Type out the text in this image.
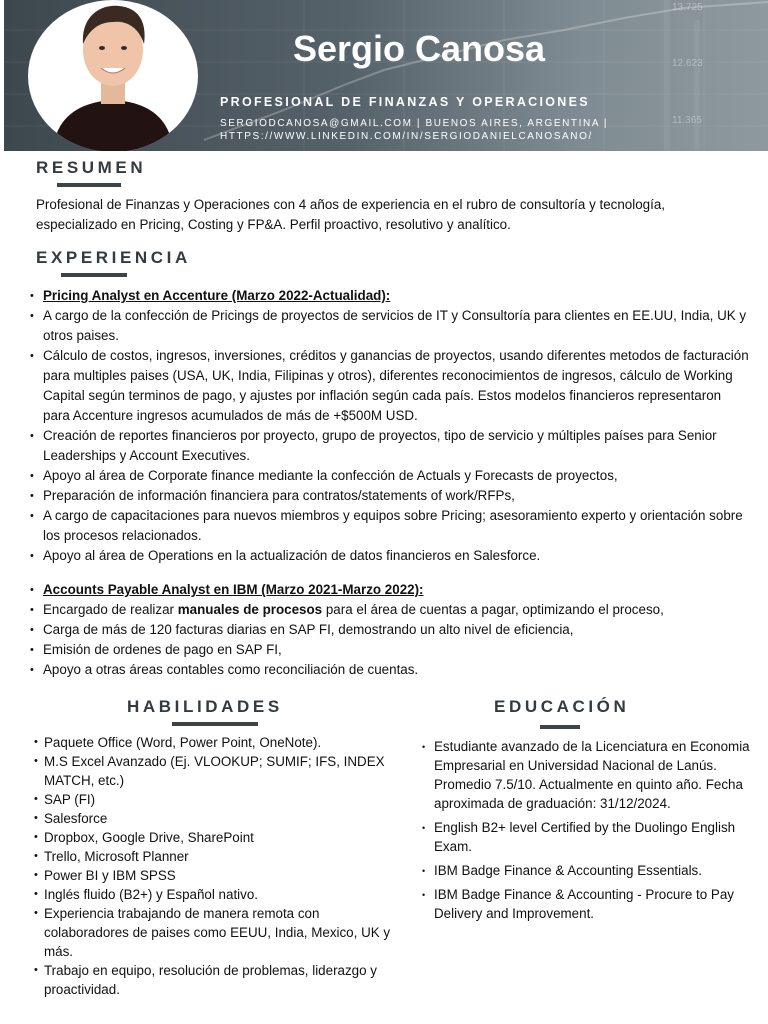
13.725
12.623
11.365
Sergio Canosa
PROFESIONAL DE FINANZAS Y OPERACIONES
SERGIODCANOSA@GMAIL.COM | BUENOS AIRES, ARGENTINA |
HTTPS://WWW.LINKEDIN.COM/IN/SERGIODANIELCANOSANO/
RESUMEN
Profesional de Finanzas y Operaciones con 4 años de experiencia en el rubro de consultoría y tecnología, especializado en Pricing, Costing y FP&A. Perfil proactivo, resolutivo y analítico.
EXPERIENCIA
• Pricing Analyst en Accenture (Marzo 2022-Actualidad):
• A cargo de la confección de Pricings de proyectos de servicios de IT y Consultoría para clientes en EE.UU, India, UK y otros paises.
• Cálculo de costos, ingresos, inversiones, créditos y ganancias de proyectos, usando diferentes metodos de facturación para multiples paises (USA, UK, India, Filipinas y otros), diferentes reconocimientos de ingresos, cálculo de Working Capital según terminos de pago, y ajustes por inflación según cada país. Estos modelos financieros representaron para Accenture ingresos acumulados de más de +$500M USD.
• Creación de reportes financieros por proyecto, grupo de proyectos, tipo de servicio y múltiples países para Senior Leaderships y Account Executives.
• Apoyo al área de Corporate finance mediante la confección de Actuals y Forecasts de proyectos,
• Preparación de información financiera para contratos/statements of work/RFPs,
• A cargo de capacitaciones para nuevos miembros y equipos sobre Pricing; asesoramiento experto y orientación sobre los procesos relacionados.
• Apoyo al área de Operations en la actualización de datos financieros en Salesforce.
• Accounts Payable Analyst en IBM (Marzo 2021-Marzo 2022):
• Encargado de realizar manuales de procesos para el área de cuentas a pagar, optimizando el proceso,
• Carga de más de 120 facturas diarias en SAP FI, demostrando un alto nivel de eficiencia,
• Emisión de ordenes de pago en SAP FI,
• Apoyo a otras áreas contables como reconciliación de cuentas.
HABILIDADES
• Paquete Office (Word, Power Point, OneNote).
• M.S Excel Avanzado (Ej. VLOOKUP; SUMIF; IFS, INDEX MATCH, etc.)
• SAP (FI)
• Salesforce
• Dropbox, Google Drive, SharePoint
• Trello, Microsoft Planner
• Power BI y IBM SPSS
• Inglés fluido (B2+) y Español nativo.
• Experiencia trabajando de manera remota con colaboradores de paises como EEUU, India, Mexico, UK y más.
• Trabajo en equipo, resolución de problemas, liderazgo y proactividad.
EDUCACIÓN
• Estudiante avanzado de la Licenciatura en Economia Empresarial en Universidad Nacional de Lanús. Promedio 7.5/10. Actualmente en quinto año. Fecha aproximada de graduación: 31/12/2024.
• English B2+ level Certified by the Duolingo English Exam.
• IBM Badge Finance & Accounting Essentials.
• IBM Badge Finance & Accounting - Procure to Pay Delivery and Improvement.
